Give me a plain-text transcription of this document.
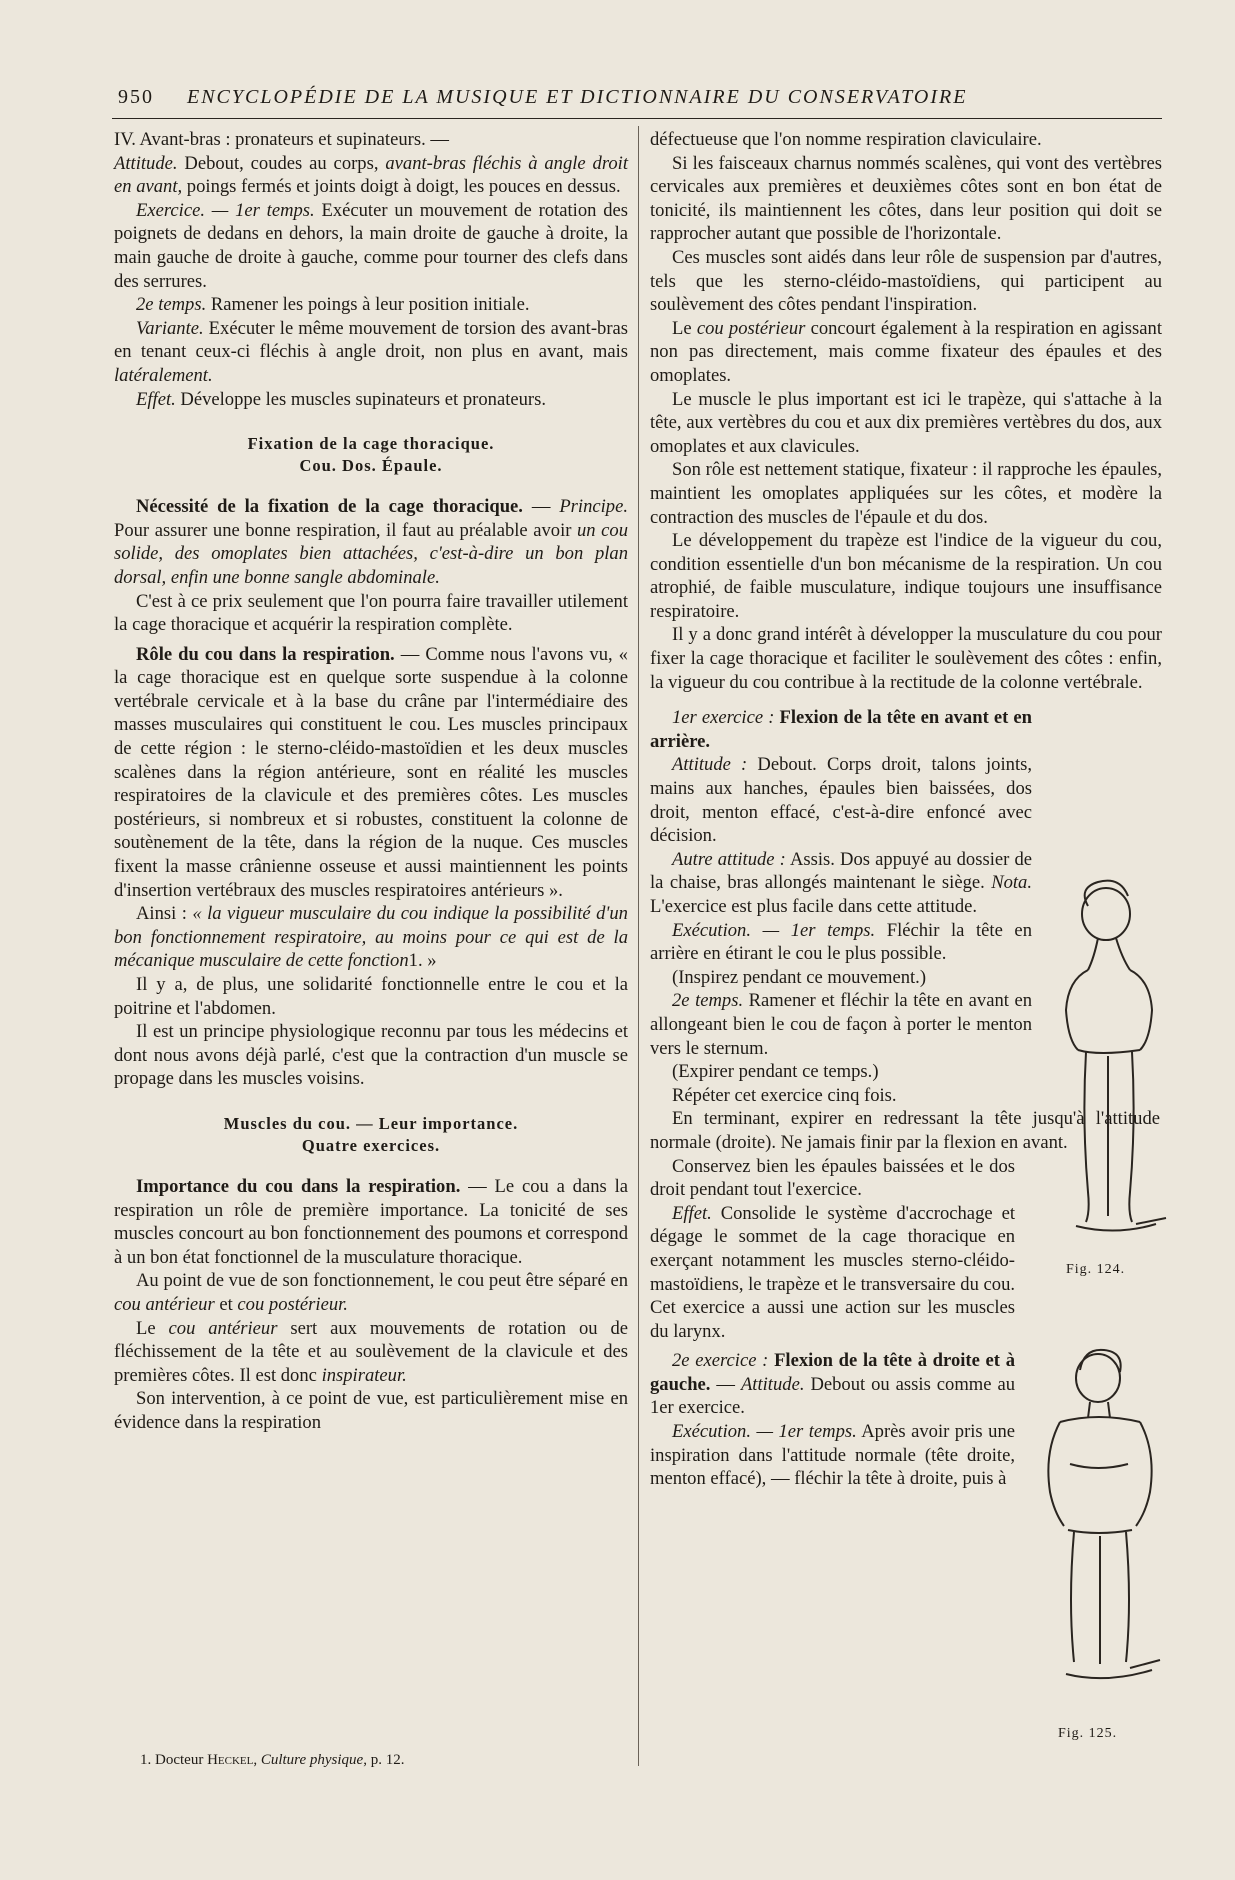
950 ENCYCLOPÉDIE DE LA MUSIQUE ET DICTIONNAIRE DU CONSERVATOIRE

IV. Avant-bras : pronateurs et supinateurs. —
Attitude. Debout, coudes au corps, avant-bras fléchis à angle droit en avant, poings fermés et joints doigt à doigt, les pouces en dessus.

Exercice. — 1er temps. Exécuter un mouvement de rotation des poignets de dedans en dehors, la main droite de gauche à droite, la main gauche de droite à gauche, comme pour tourner des clefs dans des serrures.

2e temps. Ramener les poings à leur position initiale.

Variante. Exécuter le même mouvement de torsion des avant-bras en tenant ceux-ci fléchis à angle droit, non plus en avant, mais latéralement.

Effet. Développe les muscles supinateurs et pronateurs.

Fixation de la cage thoracique.
Cou. Dos. Épaule.

Nécessité de la fixation de la cage thoracique. — Principe. Pour assurer une bonne respiration, il faut au préalable avoir un cou solide, des omoplates bien attachées, c'est-à-dire un bon plan dorsal, enfin une bonne sangle abdominale.

C'est à ce prix seulement que l'on pourra faire travailler utilement la cage thoracique et acquérir la respiration complète.

Rôle du cou dans la respiration. — Comme nous l'avons vu, « la cage thoracique est en quelque sorte suspendue à la colonne vertébrale cervicale et à la base du crâne par l'intermédiaire des masses musculaires qui constituent le cou. Les muscles principaux de cette région : le sterno-cléido-mastoïdien et les deux muscles scalènes dans la région antérieure, sont en réalité les muscles respiratoires de la clavicule et des premières côtes. Les muscles postérieurs, si nombreux et si robustes, constituent la colonne de soutènement de la tête, dans la région de la nuque. Ces muscles fixent la masse crânienne osseuse et aussi maintiennent les points d'insertion vertébraux des muscles respiratoires antérieurs ».

Ainsi : « la vigueur musculaire du cou indique la possibilité d'un bon fonctionnement respiratoire, au moins pour ce qui est de la mécanique musculaire de cette fonction1. »

Il y a, de plus, une solidarité fonctionnelle entre le cou et la poitrine et l'abdomen.

Il est un principe physiologique reconnu par tous les médecins et dont nous avons déjà parlé, c'est que la contraction d'un muscle se propage dans les muscles voisins.

Muscles du cou. — Leur importance.
Quatre exercices.

Importance du cou dans la respiration. — Le cou a dans la respiration un rôle de première importance. La tonicité de ses muscles concourt au bon fonctionnement des poumons et correspond à un bon état fonctionnel de la musculature thoracique.

Au point de vue de son fonctionnement, le cou peut être séparé en cou antérieur et cou postérieur.

Le cou antérieur sert aux mouvements de rotation ou de fléchissement de la tête et au soulèvement de la clavicule et des premières côtes. Il est donc inspirateur.

Son intervention, à ce point de vue, est particulièrement mise en évidence dans la respiration

1. Docteur Heckel, Culture physique, p. 12.

défectueuse que l'on nomme respiration claviculaire.

Si les faisceaux charnus nommés scalènes, qui vont des vertèbres cervicales aux premières et deuxièmes côtes sont en bon état de tonicité, ils maintiennent les côtes, dans leur position qui doit se rapprocher autant que possible de l'horizontale.

Ces muscles sont aidés dans leur rôle de suspension par d'autres, tels que les sterno-cléido-mastoïdiens, qui participent au soulèvement des côtes pendant l'inspiration.

Le cou postérieur concourt également à la respiration en agissant non pas directement, mais comme fixateur des épaules et des omoplates.

Le muscle le plus important est ici le trapèze, qui s'attache à la tête, aux vertèbres du cou et aux dix premières vertèbres du dos, aux omoplates et aux clavicules.

Son rôle est nettement statique, fixateur : il rapproche les épaules, maintient les omoplates appliquées sur les côtes, et modère la contraction des muscles de l'épaule et du dos.

Le développement du trapèze est l'indice de la vigueur du cou, condition essentielle d'un bon mécanisme de la respiration. Un cou atrophié, de faible musculature, indique toujours une insuffisance respiratoire.

Il y a donc grand intérêt à développer la musculature du cou pour fixer la cage thoracique et faciliter le soulèvement des côtes : enfin, la vigueur du cou contribue à la rectitude de la colonne vertébrale.

1er exercice : Flexion de la tête en avant et en arrière.

Attitude : Debout. Corps droit, talons joints, mains aux hanches, épaules bien baissées, dos droit, menton effacé, c'est-à-dire enfoncé avec décision.

Autre attitude : Assis. Dos appuyé au dossier de la chaise, bras allongés maintenant le siège. Nota. L'exercice est plus facile dans cette attitude.

Exécution. — 1er temps. Fléchir la tête en arrière en étirant le cou le plus possible.

(Inspirez pendant ce mouvement.)

2e temps. Ramener et fléchir la tête en avant en allongeant bien le cou de façon à porter le menton vers le sternum.

(Expirer pendant ce temps.)

Répéter cet exercice cinq fois.

En terminant, expirer en redressant la tête jusqu'à l'attitude normale (droite). Ne jamais finir par la flexion en avant.

Conservez bien les épaules baissées et le dos droit pendant tout l'exercice.

Effet. Consolide le système d'accrochage et dégage le sommet de la cage thoracique en exerçant notamment les muscles sterno-cléido-mastoïdiens, le trapèze et le transversaire du cou. Cet exercice a aussi une action sur les muscles du larynx.

2e exercice : Flexion de la tête à droite et à gauche. — Attitude. Debout ou assis comme au 1er exercice.

Exécution. — 1er temps. Après avoir pris une inspiration dans l'attitude normale (tête droite, menton effacé), — fléchir la tête à droite, puis à

Fig. 124.
Fig. 125.
